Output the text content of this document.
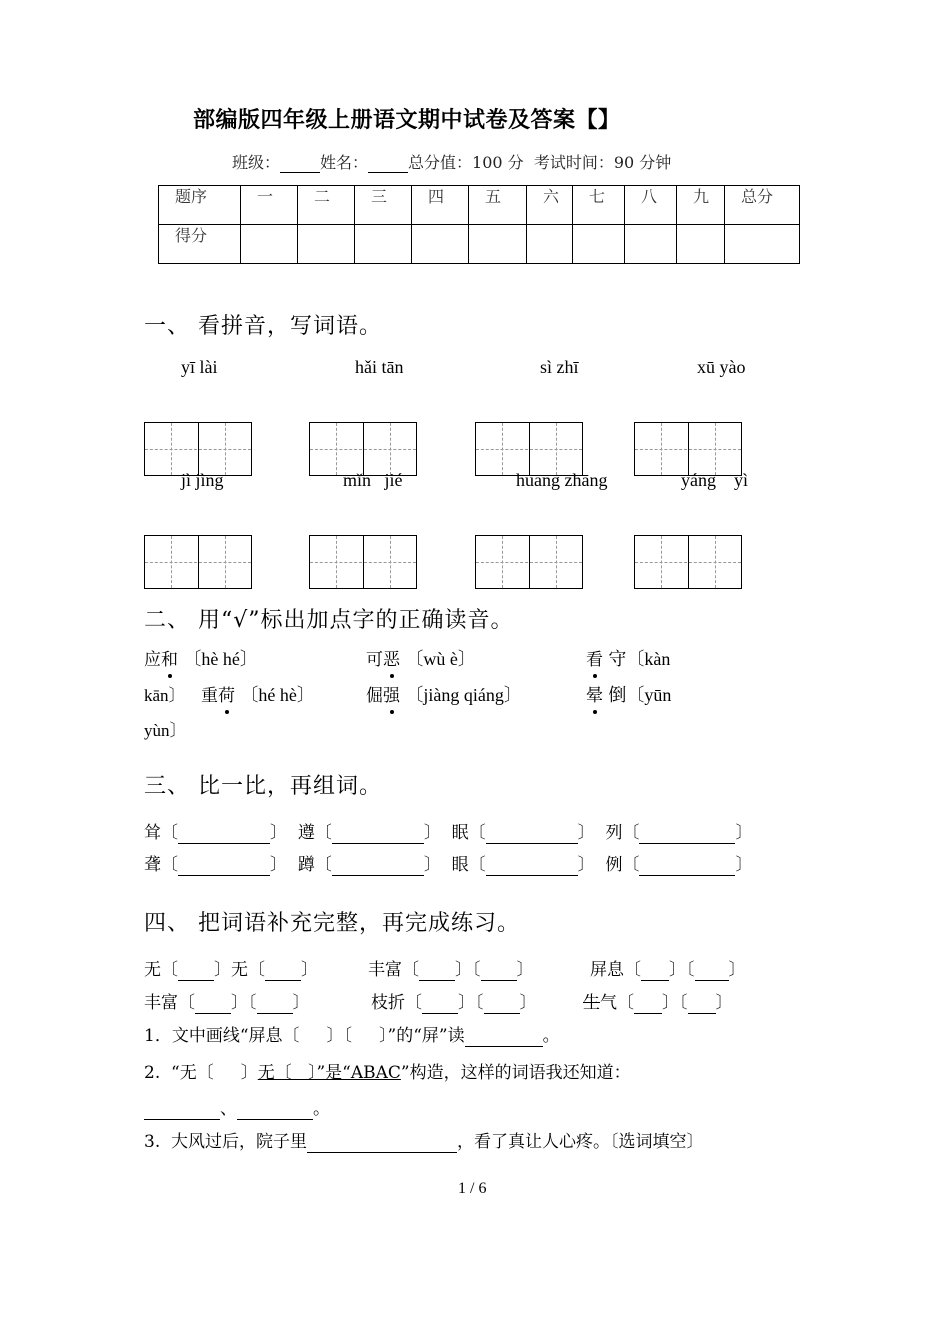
部编版四年级上册语文期中试卷及答案【】
班级：	姓名：	总分值：100 分 考试时间：90 分钟
题序	一	二	三	四	五	六	七	八	九	总分
得分										
一、 看拼音，写词语。
yī lài	hǎi tān	sì zhī	xū yào
jì jìng	mǐn   jié	huāng zhāng	yáng    yì
二、 用“√”标出加点字的正确读音。
应和 〔hè hé〕	可恶 〔wù è〕	看 守〔kàn
kān〕 重荷 〔hé hè〕	倔强 〔jiàng qiáng〕	晕 倒〔yūn
yùn〕
三、 比一比，再组词。
耸〔	〕  遵〔	〕  眠〔	〕  列〔	〕
聋〔	〕  蹲〔	〕  眼〔	〕  例〔	〕
四、 把词语补充完整，再完成练习。
无〔 〕无〔 〕	丰富〔 〕〔 〕	屏息〔 〕〔 〕
丰富〔 〕〔 〕	枝折〔 〕〔 〕	生气〔 〕〔 〕
1．文中画线“屏息〔     〕〔     〕”的“屏”读	。
2.  “无〔     〕无〔   〕”是“ABAC”构造，这样的词语我还知道：
、	。
3.  大风过后，院子里	，看了真让人心疼。〔选词填空〕
1 / 6
